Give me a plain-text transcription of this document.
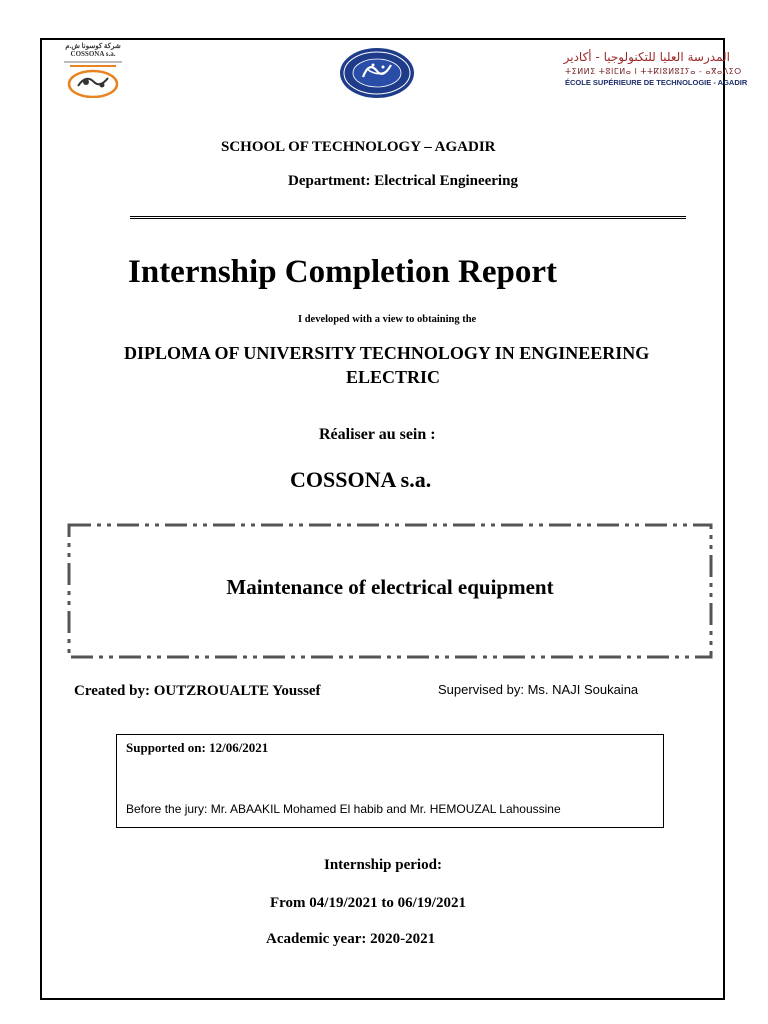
شركة كوسونا ش.م
COSSONA s.a.	المدرسة العليا للتكنولوجيا - أكادير
ⵜⵉⵍⵍⵉ ⵜⵓⵏⵎⵍⴰ ⵏ ⵜⵜⴽⵏⵓⵍⵓⵊⵢⴰ - ⴰⴳⴰⴷⵉⵔ
ÉCOLE SUPÉRIEURE DE TECHNOLOGIE - AGADIR
SCHOOL OF TECHNOLOGY – AGADIR
Department: Electrical Engineering
Internship Completion Report
I developed with a view to obtaining the
DIPLOMA OF UNIVERSITY TECHNOLOGY IN ENGINEERING
ELECTRIC
Réaliser au sein :
COSSONA s.a.
Maintenance of electrical equipment
Created by: OUTZROUALTE Youssef	Supervised by: Ms. NAJI Soukaina
Supported on: 12/06/2021
Before the jury: Mr. ABAAKIL Mohamed El habib and Mr. HEMOUZAL Lahoussine
Internship period:
From 04/19/2021 to 06/19/2021
Academic year: 2020-2021
